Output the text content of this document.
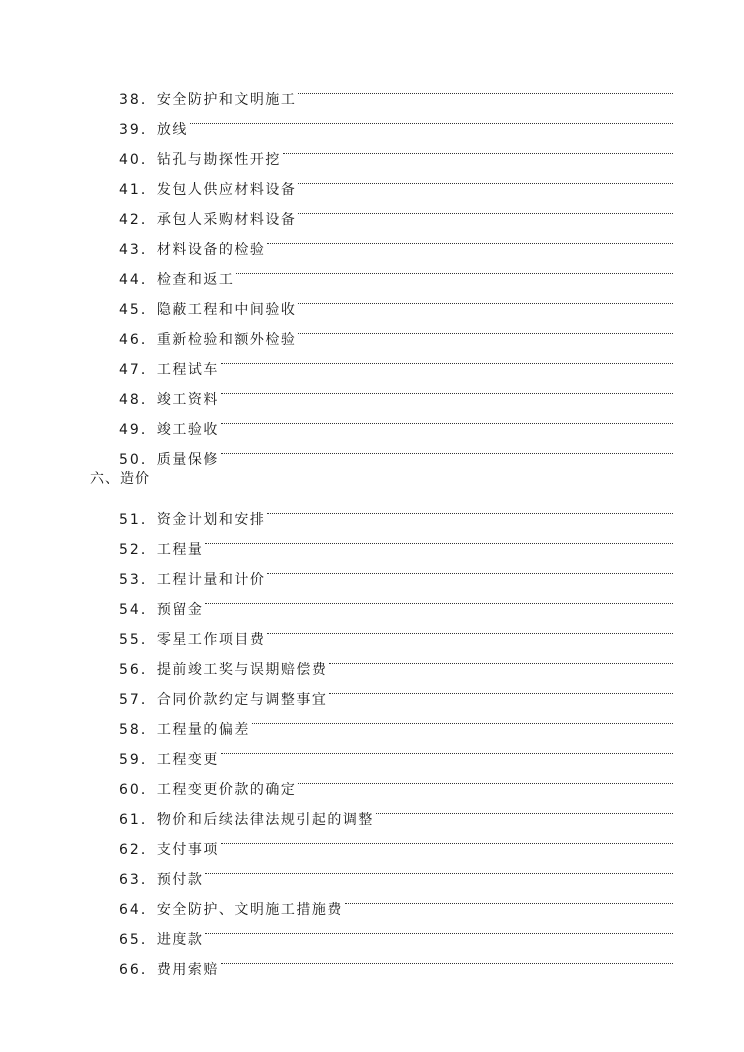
38． 安全防护和文明施工
39． 放线
40． 钻孔与勘探性开挖
41． 发包人供应材料设备
42． 承包人采购材料设备
43． 材料设备的检验
44． 检查和返工
45． 隐蔽工程和中间验收
46． 重新检验和额外检验
47． 工程试车
48． 竣工资料
49． 竣工验收
50． 质量保修
六、造价
51． 资金计划和安排
52． 工程量
53． 工程计量和计价
54． 预留金
55． 零星工作项目费
56． 提前竣工奖与误期赔偿费
57． 合同价款约定与调整事宜
58． 工程量的偏差
59． 工程变更
60． 工程变更价款的确定
61． 物价和后续法律法规引起的调整
62． 支付事项
63． 预付款
64． 安全防护、文明施工措施费
65． 进度款
66． 费用索赔
